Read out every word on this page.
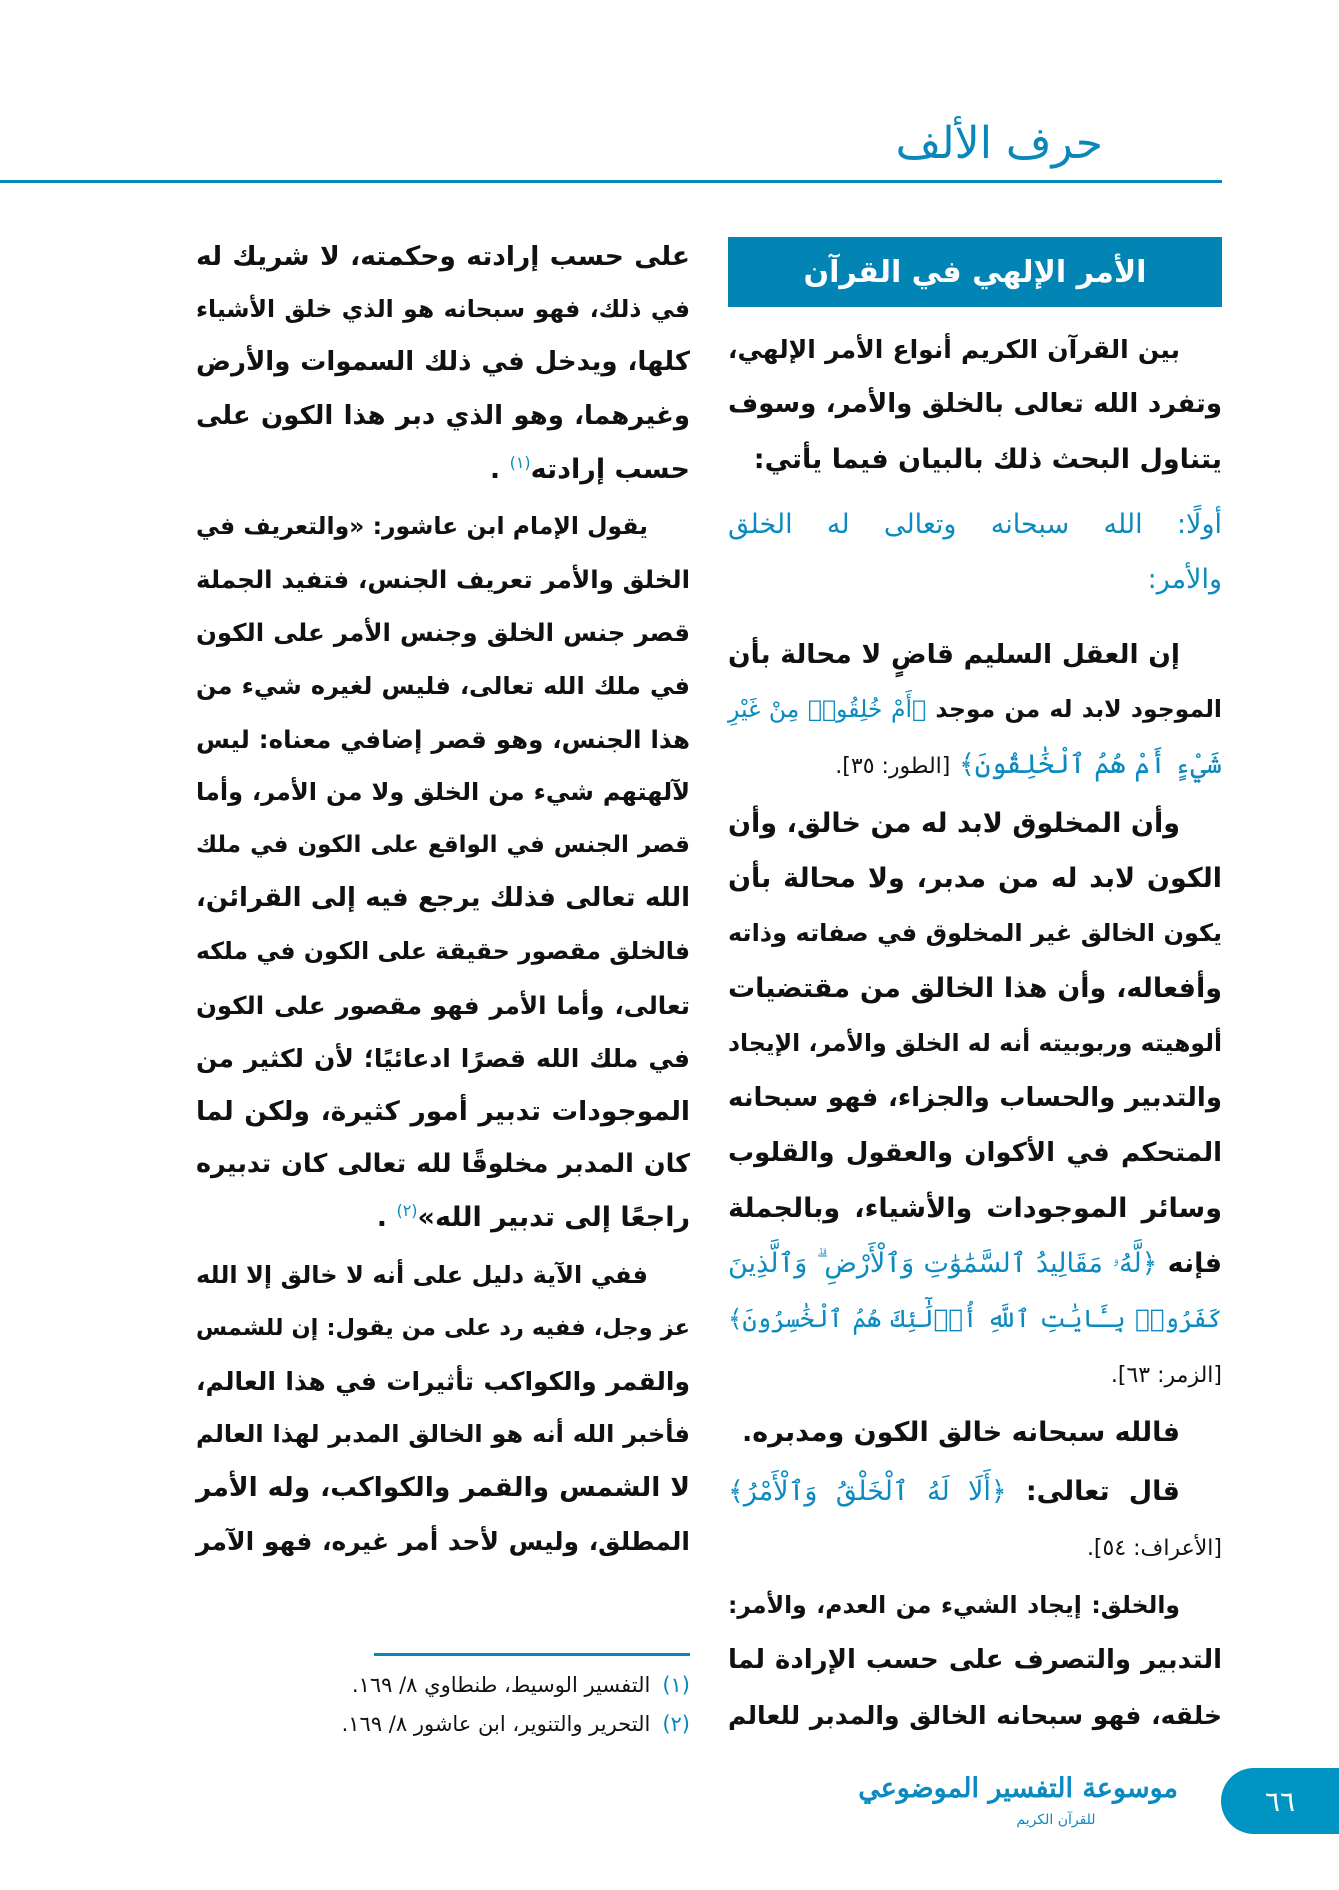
حرف الألف
الأمر الإلهي في القرآن
بين القرآن الكريم أنواع الأمر الإلهي،
وتفرد الله تعالى بالخلق والأمر، وسوف
يتناول البحث ذلك بالبيان فيما يأتي:
أولًا: الله سبحانه وتعالى له الخلق
والأمر:
إن العقل السليم قاضٍ لا محالة بأن
الموجود لابد له من موجد ﴿أَمْ خُلِقُوا۟ مِنْ غَيْرِ
شَيْءٍ أَمْ هُمُ ٱلْخَٰلِقُونَ﴾ [الطور: ٣٥].
وأن المخلوق لابد له من خالق، وأن
الكون لابد له من مدبر، ولا محالة بأن
يكون الخالق غير المخلوق في صفاته وذاته
وأفعاله، وأن هذا الخالق من مقتضيات
ألوهيته وربوبيته أنه له الخلق والأمر، الإيجاد
والتدبير والحساب والجزاء، فهو سبحانه
المتحكم في الأكوان والعقول والقلوب
وسائر الموجودات والأشياء، وبالجملة
فإنه ﴿لَّهُۥ مَقَالِيدُ ٱلسَّمَٰوَٰتِ وَٱلْأَرْضِ ۗ وَٱلَّذِينَ
كَفَرُوا۟ بِـَٔايَٰتِ ٱللَّهِ أُو۟لَٰٓئِكَ هُمُ ٱلْخَٰسِرُونَ﴾
[الزمر: ٦٣].
فالله سبحانه خالق الكون ومدبره.
قال تعالى: ﴿أَلَا لَهُ ٱلْخَلْقُ وَٱلْأَمْرُ﴾
[الأعراف: ٥٤].
والخلق: إيجاد الشيء من العدم، والأمر:
التدبير والتصرف على حسب الإرادة لما
خلقه، فهو سبحانه الخالق والمدبر للعالم
على حسب إرادته وحكمته، لا شريك له
في ذلك، فهو سبحانه هو الذي خلق الأشياء
كلها، ويدخل في ذلك السموات والأرض
وغيرهما، وهو الذي دبر هذا الكون على
حسب إرادته$^{(١)}$ .
يقول الإمام ابن عاشور: «والتعريف في
الخلق والأمر تعريف الجنس، فتفيد الجملة
قصر جنس الخلق وجنس الأمر على الكون
في ملك الله تعالى، فليس لغيره شيء من
هذا الجنس، وهو قصر إضافي معناه: ليس
لآلهتهم شيء من الخلق ولا من الأمر، وأما
قصر الجنس في الواقع على الكون في ملك
الله تعالى فذلك يرجع فيه إلى القرائن،
فالخلق مقصور حقيقة على الكون في ملكه
تعالى، وأما الأمر فهو مقصور على الكون
في ملك الله قصرًا ادعائيًا؛ لأن لكثير من
الموجودات تدبير أمور كثيرة، ولكن لما
كان المدبر مخلوقًا لله تعالى كان تدبيره
راجعًا إلى تدبير الله»$^{(٢)}$ .
ففي الآية دليل على أنه لا خالق إلا الله
عز وجل، ففيه رد على من يقول: إن للشمس
والقمر والكواكب تأثيرات في هذا العالم،
فأخبر الله أنه هو الخالق المدبر لهذا العالم
لا الشمس والقمر والكواكب، وله الأمر
المطلق، وليس لأحد أمر غيره، فهو الآمر
(١)التفسير الوسيط، طنطاوي ٨/ ١٦٩.
(٢)التحرير والتنوير، ابن عاشور ٨/ ١٦٩.
موسوعة التفسير الموضوعي
للقرآن الكريم
٦٦
